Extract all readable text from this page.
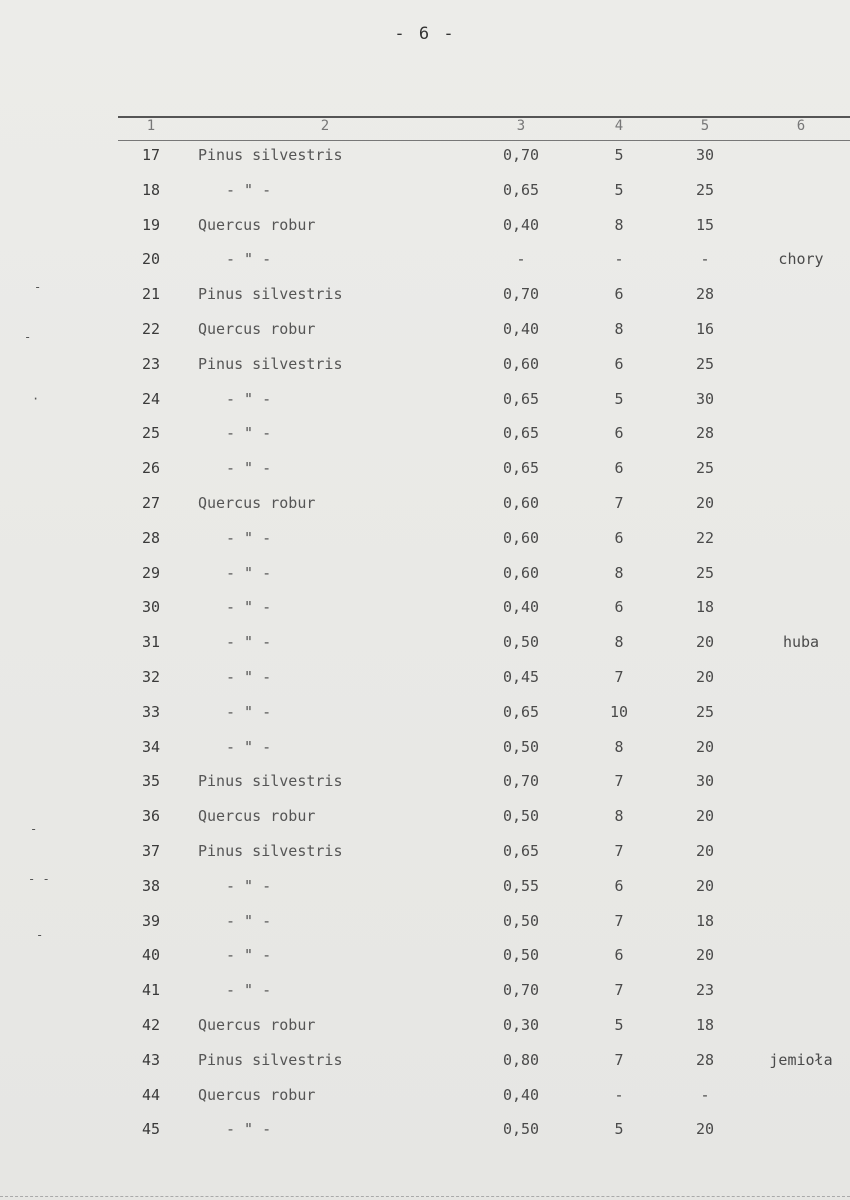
- 6 -
1	2	3	4	5	6
17	Pinus silvestris	0,70	5	30
18	- " -	0,65	5	25
19	Quercus robur	0,40	8	15
20	- " -	-	-	-	chory
21	Pinus silvestris	0,70	6	28
22	Quercus robur	0,40	8	16
23	Pinus silvestris	0,60	6	25
24	- " -	0,65	5	30
25	- " -	0,65	6	28
26	- " -	0,65	6	25
27	Quercus robur	0,60	7	20
28	- " -	0,60	6	22
29	- " -	0,60	8	25
30	- " -	0,40	6	18
31	- " -	0,50	8	20	huba
32	- " -	0,45	7	20
33	- " -	0,65	10	25
34	- " -	0,50	8	20
35	Pinus silvestris	0,70	7	30
36	Quercus robur	0,50	8	20
37	Pinus silvestris	0,65	7	20
38	- " -	0,55	6	20
39	- " -	0,50	7	18
40	- " -	0,50	6	20
41	- " -	0,70	7	23
42	Quercus robur	0,30	5	18
43	Pinus silvestris	0,80	7	28	jemioła
44	Quercus robur	0,40	-	-
45	- " -	0,50	5	20
-
-
·
-
- -
-
